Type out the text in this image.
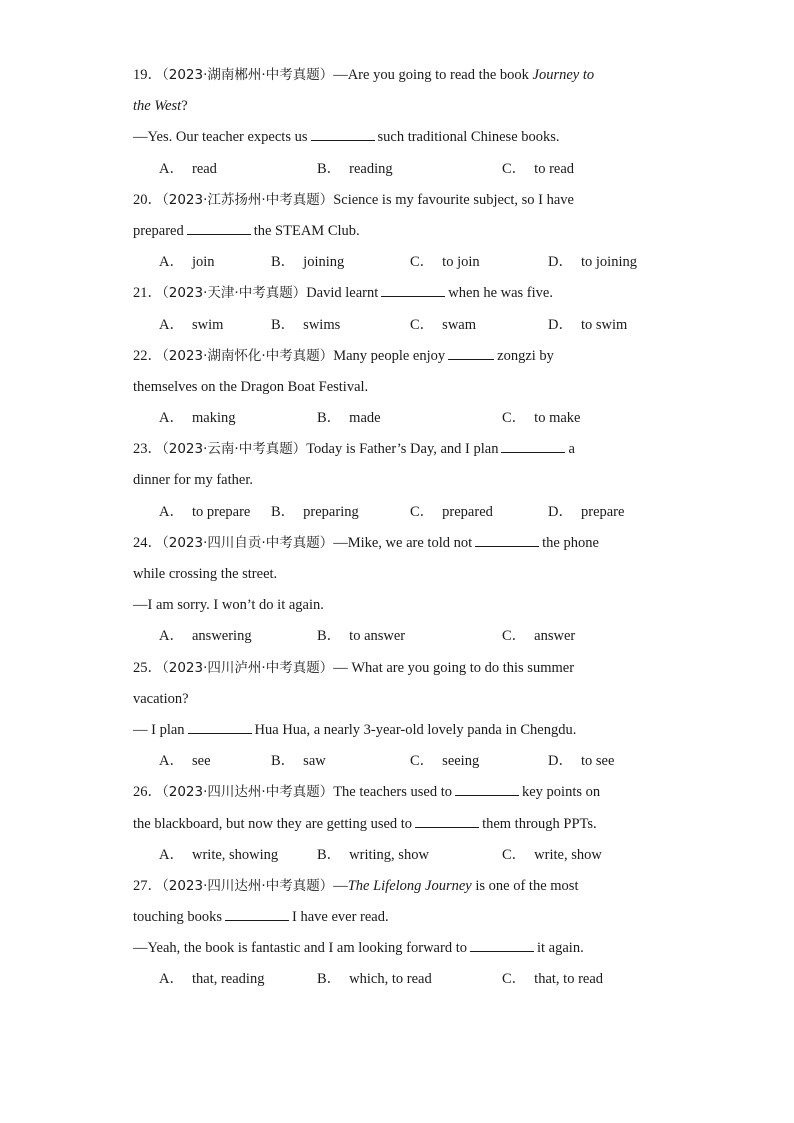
19．（2023·湖南郴州·中考真题）—Are you going to read the book Journey to
the West?
—Yes. Our teacher expects us	such traditional Chinese books.
A． read	B． reading	C． to read
20．（2023·江苏扬州·中考真题）Science is my favourite subject, so I have
prepared	the STEAM Club.
A． join	B． joining	C． to join	D． to joining
21．（2023·天津·中考真题）David learnt	when he was five.
A． swim	B． swims	C． swam	D． to swim
22．（2023·湖南怀化·中考真题）Many people enjoy	zongzi by
themselves on the Dragon Boat Festival.
A． making	B． made	C． to make
23．（2023·云南·中考真题）Today is Father’s Day, and I plan	a
dinner for my father.
A． to prepare B． preparing	C． prepared	D． prepare
24．（2023·四川自贡·中考真题）—Mike, we are told not	the phone
while crossing the street.
—I am sorry. I won’t do it again.
A． answering	B． to answer	C． answer
25．（2023·四川泸州·中考真题）— What are you going to do this summer
vacation?
— I plan	Hua Hua, a nearly 3-year-old lovely panda in Chengdu.
A． see	B． saw	C． seeing	D． to see
26．（2023·四川达州·中考真题）The teachers used to	key points on
the blackboard, but now they are getting used to	them through PPTs.
A． write, showing	B． writing, show	C． write, show
27．（2023·四川达州·中考真题）—The Lifelong Journey is one of the most
touching books	I have ever read.
—Yeah, the book is fantastic and I am looking forward to	it again.
A． that, reading	B． which, to read	C． that, to read
